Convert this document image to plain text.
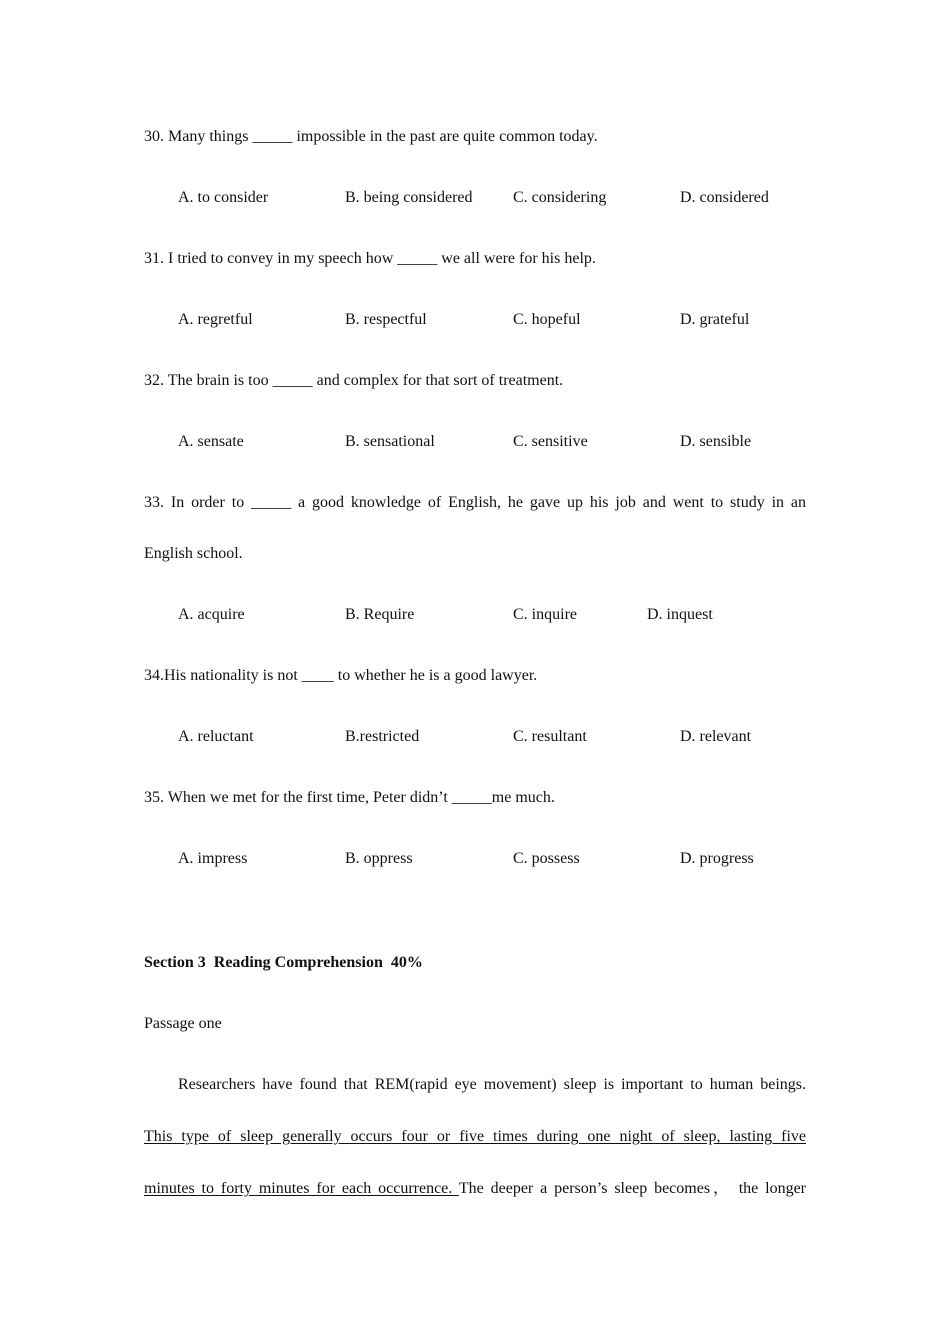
30. Many things _____ impossible in the past are quite common today.
A. to consider	B. being considered	C. considering	D. considered
31. I tried to convey in my speech how _____ we all were for his help.
A. regretful	B. respectful	C. hopeful	D. grateful
32. The brain is too _____ and complex for that sort of treatment.
A. sensate	B. sensational	C. sensitive	D. sensible
33. In order to _____ a good knowledge of English, he gave up his job and went to study in an
English school.
A. acquire	B. Require	C. inquire	D. inquest
34.His nationality is not ____ to whether he is a good lawyer.
A. reluctant	B.restricted	C. resultant	D. relevant
35. When we met for the first time, Peter didn’t _____me much.
A. impress	B. oppress	C. possess	D. progress
Section 3  Reading Comprehension  40%
Passage one
Researchers have found that REM(rapid eye movement) sleep is important to human beings.
This type of sleep generally occurs four or five times during one night of sleep, lasting five
minutes to forty minutes for each occurrence. The deeper a person’s sleep becomes， the longer
